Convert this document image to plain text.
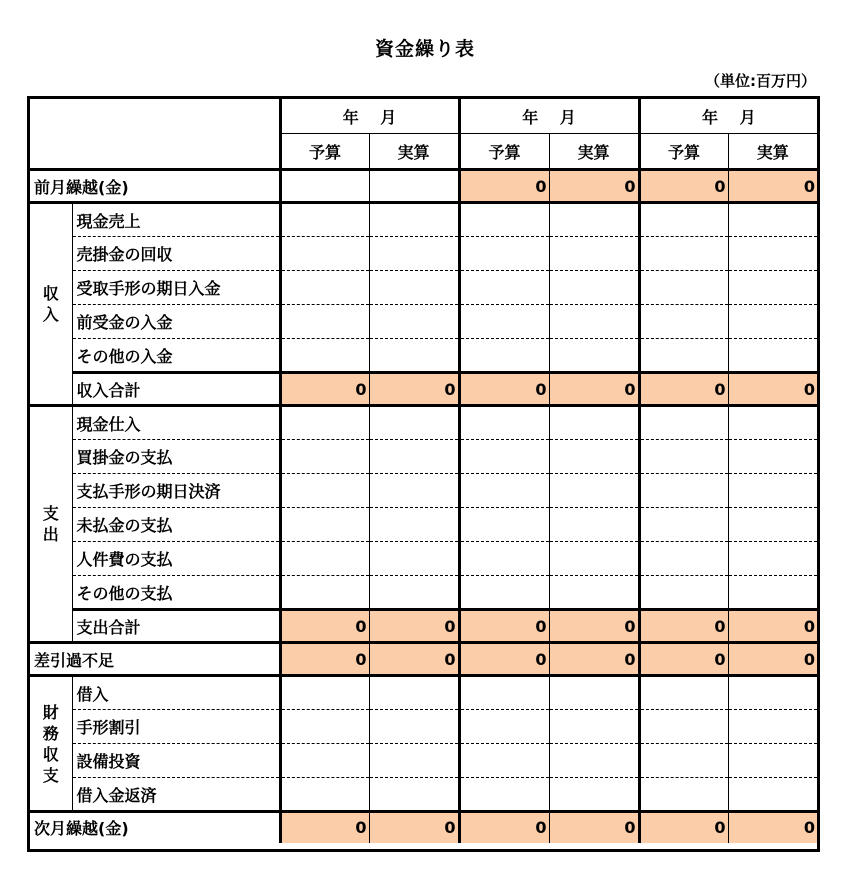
資金繰り表
（単位:百万円）
		年　 月		年　 月		年　 月	
		予算	実算	予算	実算	予算	実算
前月繰越(金)				0	0	0	0

収
入	現金売上						
	売掛金の回収						
	受取手形の期日入金						
	前受金の入金						
	その他の入金						
	収入合計	0	0	0	0	0	0

支
出	現金仕入						
	買掛金の支払						
	支払手形の期日決済						
	未払金の支払						
	人件費の支払						
	その他の支払						
	支出合計	0	0	0	0	0	0
差引過不足		0	0	0	0	0	0

財
務
収
支	借入						
	手形割引						
	設備投資						
	借入金返済						
次月繰越(金)		0	0	0	0	0	0
